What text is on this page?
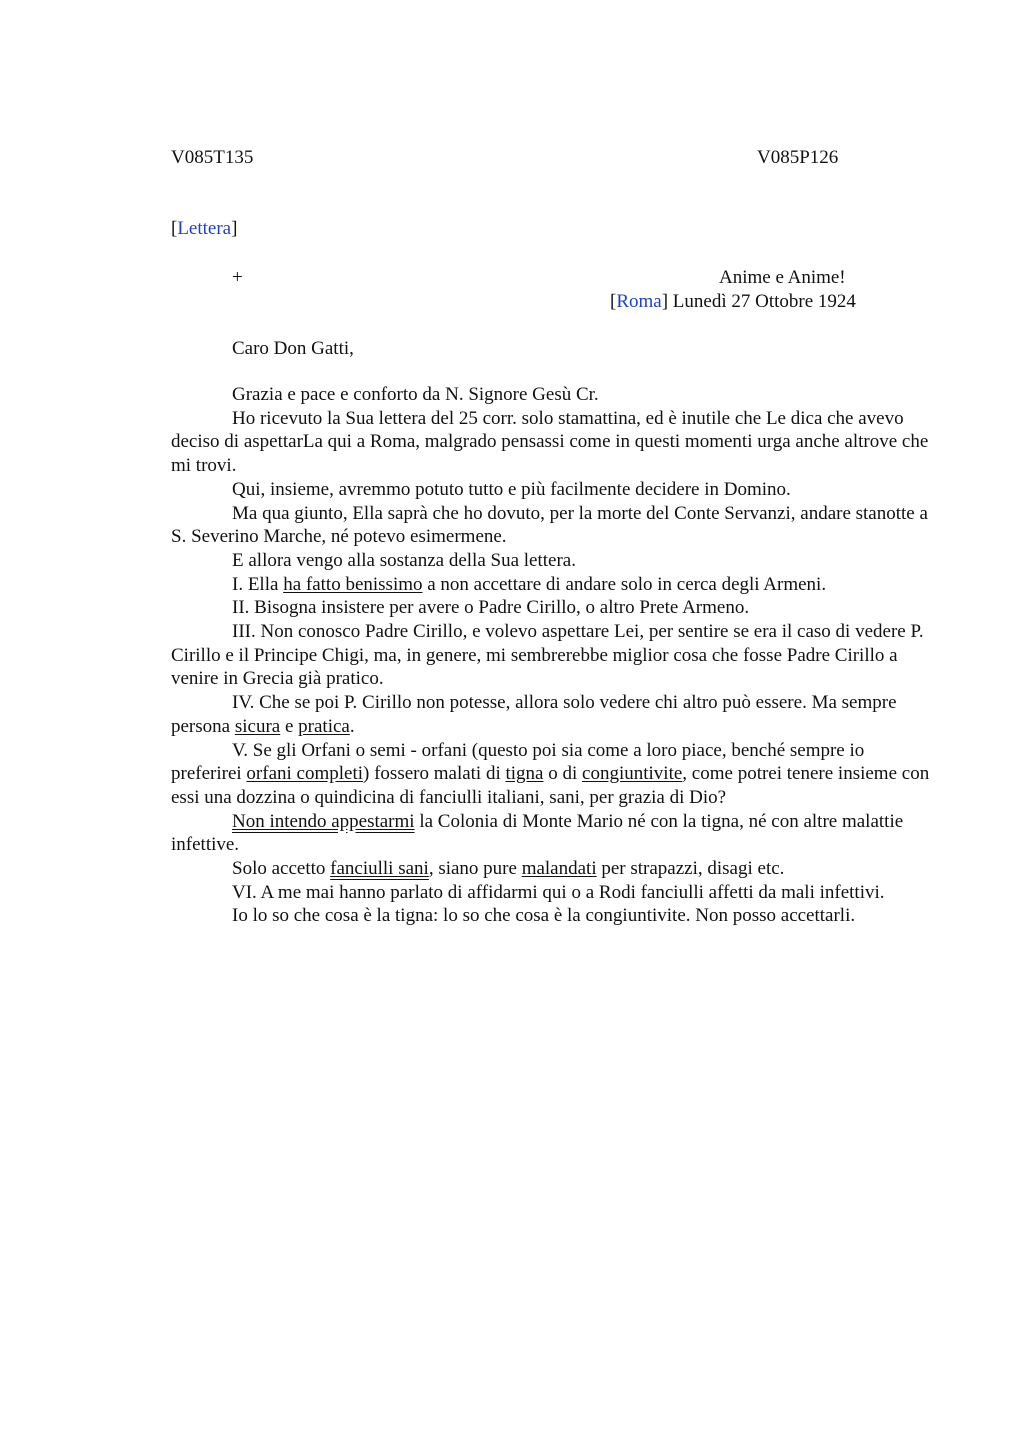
V085T135	V085P126
[Lettera]
+	Anime e Anime!
[Roma] Lunedì 27 Ottobre 1924
Caro Don Gatti,

Grazia e pace e conforto da N. Signore Gesù Cr.

Ho ricevuto la Sua lettera del 25 corr. solo stamattina, ed è inutile che Le dica che avevo deciso di aspettarLa qui a Roma, malgrado pensassi come in questi momenti urga anche altrove che mi trovi.

Qui, insieme, avremmo potuto tutto e più facilmente decidere in Domino.

Ma qua giunto, Ella saprà che ho dovuto, per la morte del Conte Servanzi, andare stanotte a S. Severino Marche, né potevo esimermene.

E allora vengo alla sostanza della Sua lettera.

I. Ella ha fatto benissimo a non accettare di andare solo in cerca degli Armeni.

II. Bisogna insistere per avere o Padre Cirillo, o altro Prete Armeno.

III. Non conosco Padre Cirillo, e volevo aspettare Lei, per sentire se era il caso di vedere P. Cirillo e il Principe Chigi, ma, in genere, mi sembrerebbe miglior cosa che fosse Padre Cirillo a venire in Grecia già pratico.

IV. Che se poi P. Cirillo non potesse, allora solo vedere chi altro può essere. Ma sempre persona sicura e pratica.

V. Se gli Orfani o semi - orfani (questo poi sia come a loro piace, benché sempre io preferirei orfani completi) fossero malati di tigna o di congiuntivite, come potrei tenere insieme con essi una dozzina o quindicina di fanciulli italiani, sani, per grazia di Dio?

Non intendo appestarmi la Colonia di Monte Mario né con la tigna, né con altre malattie infettive.

Solo accetto fanciulli sani, siano pure malandati per strapazzi, disagi etc.

VI. A me mai hanno parlato di affidarmi qui o a Rodi fanciulli affetti da mali infettivi.

Io lo so che cosa è la tigna: lo so che cosa è la congiuntivite. Non posso accettarli.
